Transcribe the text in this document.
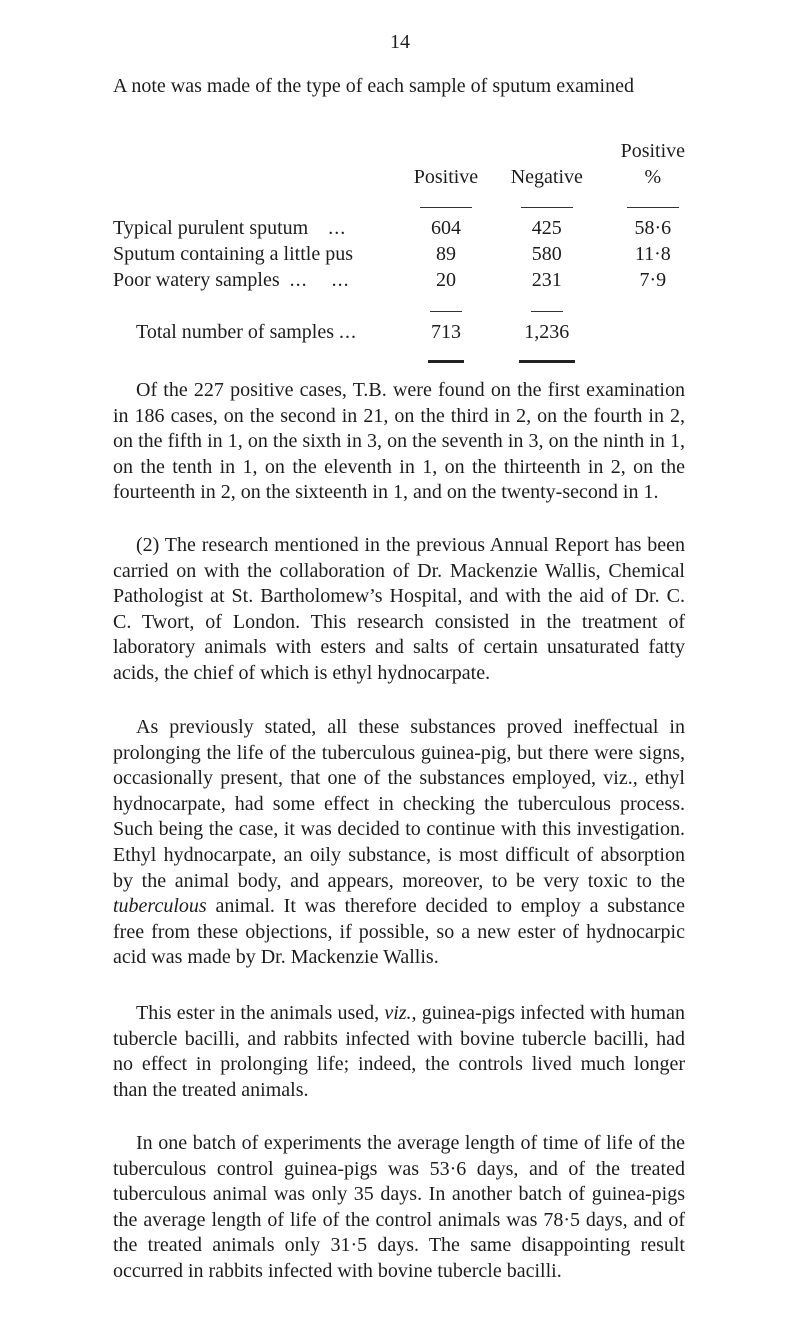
14

A note was made of the type of each sample of sputum examined

	Positive	Negative	Positive
%

Typical purulent sputum ...	604	425	58·6
Sputum containing a little pus	89	580	11·8
Poor watery samples ...    ...	20	231	7·9

Total number of samples ...	713	1,236	

Of the 227 positive cases, T.B. were found on the first examination in 186 cases, on the second in 21, on the third in 2, on the fourth in 2, on the fifth in 1, on the sixth in 3, on the seventh in 3, on the ninth in 1, on the tenth in 1, on the eleventh in 1, on the thirteenth in 2, on the fourteenth in 2, on the sixteenth in 1, and on the twenty-second in 1.

(2) The research mentioned in the previous Annual Report has been carried on with the collaboration of Dr. Mackenzie Wallis, Chemical Pathologist at St. Bartholomew’s Hospital, and with the aid of Dr. C. C. Twort, of London. This research consisted in the treatment of laboratory animals with esters and salts of certain unsaturated fatty acids, the chief of which is ethyl hydnocarpate.

As previously stated, all these substances proved ineffectual in prolonging the life of the tuberculous guinea-pig, but there were signs, occasionally present, that one of the substances employed, viz., ethyl hydnocarpate, had some effect in checking the tuberculous process. Such being the case, it was decided to continue with this investigation. Ethyl hydnocarpate, an oily substance, is most difficult of absorption by the animal body, and appears, moreover, to be very toxic to the tuberculous animal. It was therefore decided to employ a substance free from these objections, if possible, so a new ester of hydnocarpic acid was made by Dr. Mackenzie Wallis.

This ester in the animals used, viz., guinea-pigs infected with human tubercle bacilli, and rabbits infected with bovine tubercle bacilli, had no effect in prolonging life; indeed, the controls lived much longer than the treated animals.

In one batch of experiments the average length of time of life of the tuberculous control guinea-pigs was 53·6 days, and of the treated tuberculous animal was only 35 days. In another batch of guinea-pigs the average length of life of the control animals was 78·5 days, and of the treated animals only 31·5 days. The same disappointing result occurred in rabbits infected with bovine tubercle bacilli.
